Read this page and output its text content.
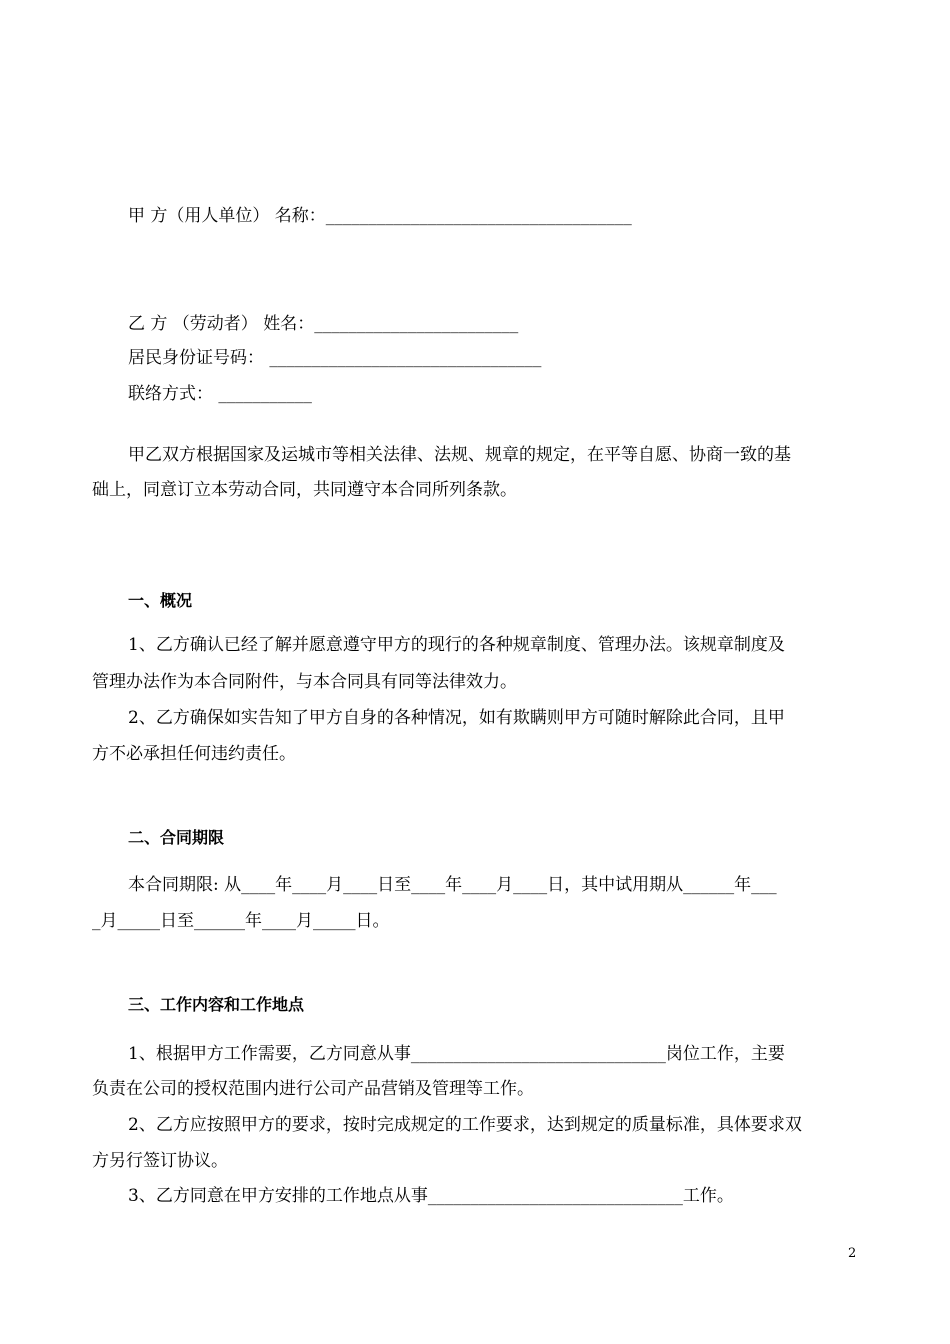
甲 方（用人单位） 名称：____________________________________
乙 方 （劳动者） 姓名：________________________
居民身份证号码： ________________________________
联络方式： ___________
甲乙双方根据国家及运城市等相关法律、法规、规章的规定，在平等自愿、协商一致的基
础上，同意订立本劳动合同，共同遵守本合同所列条款。
一、概况
1、乙方确认已经了解并愿意遵守甲方的现行的各种规章制度、管理办法。该规章制度及
管理办法作为本合同附件，与本合同具有同等法律效力。
2、乙方确保如实告知了甲方自身的各种情况，如有欺瞒则甲方可随时解除此合同，且甲
方不必承担任何违约责任。
二、合同期限
本合同期限: 从____年____月____日至____年____月____日，其中试用期从______年___
_月_____日至______年____月_____日。
三、工作内容和工作地点
1、根据甲方工作需要，乙方同意从事______________________________岗位工作，主要
负责在公司的授权范围内进行公司产品营销及管理等工作。
2、乙方应按照甲方的要求，按时完成规定的工作要求，达到规定的质量标准，具体要求双
方另行签订协议。
3、乙方同意在甲方安排的工作地点从事______________________________工作。
2
